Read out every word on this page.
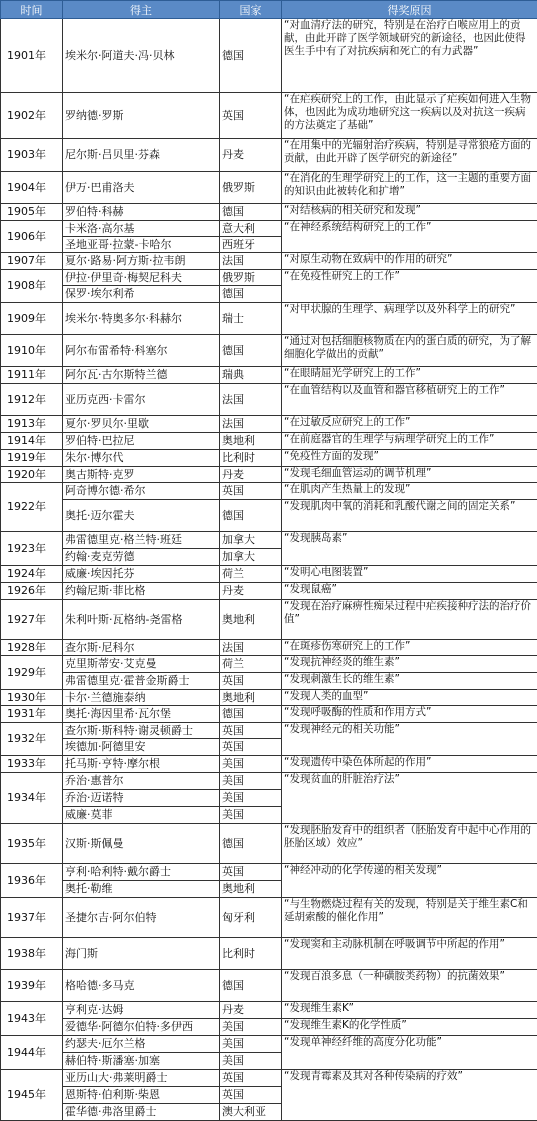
时间	得主	国家	得奖原因
1901年	埃米尔·阿道夫·冯·贝林	德国	“对血清疗法的研究，特别是在治疗白喉应用上的贡献，由此开辟了医学领域研究的新途径，也因此使得医生手中有了对抗疾病和死亡的有力武器”
1902年	罗纳德·罗斯	英国	“在疟疾研究上的工作，由此显示了疟疾如何进入生物体，也因此为成功地研究这一疾病以及对抗这一疾病的方法奠定了基础”
1903年	尼尔斯·吕贝里·芬森	丹麦	“在用集中的光辐射治疗疾病，特别是寻常狼疮方面的贡献，由此开辟了医学研究的新途径”
1904年	伊万·巴甫洛夫	俄罗斯	“在消化的生理学研究上的工作，这一主题的重要方面的知识由此被转化和扩增”
1905年	罗伯特·科赫	德国	“对结核病的相关研究和发现”
1906年	卡米洛·高尔基	意大利	“在神经系统结构研究上的工作”
	圣地亚哥·拉蒙-卡哈尔	西班牙	
1907年	夏尔·路易·阿方斯·拉韦朗	法国	“对原生动物在致病中的作用的研究”
1908年	伊拉·伊里奇·梅契尼科夫	俄罗斯	“在免疫性研究上的工作”
	保罗·埃尔利希	德国	
1909年	埃米尔·特奥多尔·科赫尔	瑞士	“对甲状腺的生理学、病理学以及外科学上的研究”
1910年	阿尔布雷希特·科塞尔	德国	“通过对包括细胞核物质在内的蛋白质的研究，为了解细胞化学做出的贡献”
1911年	阿尔瓦·古尔斯特兰德	瑞典	“在眼睛屈光学研究上的工作”
1912年	亚历克西·卡雷尔	法国	“在血管结构以及血管和器官移植研究上的工作”
1913年	夏尔·罗贝尔·里歇	法国	“在过敏反应研究上的工作”
1914年	罗伯特·巴拉尼	奥地利	“在前庭器官的生理学与病理学研究上的工作”
1919年	朱尔·博尔代	比利时	“免疫性方面的发现”
1920年	奥古斯特·克罗	丹麦	“发现毛细血管运动的调节机理”
1922年	阿奇博尔德·希尔	英国	“在肌肉产生热量上的发现”
	奥托·迈尔霍夫	德国	“发现肌肉中氧的消耗和乳酸代谢之间的固定关系”
1923年	弗雷德里克·格兰特·班廷	加拿大	“发现胰岛素”
	约翰·麦克劳德	加拿大	
1924年	威廉·埃因托芬	荷兰	“发明心电图装置”
1926年	约翰尼斯·菲比格	丹麦	“发现鼠癌”
1927年	朱利叶斯·瓦格纳-尧雷格	奥地利	“发现在治疗麻痹性痴呆过程中疟疾接种疗法的治疗价值”
1928年	查尔斯·尼科尔	法国	“在斑疹伤寒研究上的工作”
1929年	克里斯蒂安·艾克曼	荷兰	“发现抗神经炎的维生素”
	弗雷德里克·霍普金斯爵士	英国	“发现刺激生长的维生素”
1930年	卡尔·兰德施泰纳	奥地利	“发现人类的血型”
1931年	奥托·海因里希·瓦尔堡	德国	“发现呼吸酶的性质和作用方式”
1932年	查尔斯·斯科特·谢灵顿爵士	英国	“发现神经元的相关功能”
	埃德加·阿德里安	英国	
1933年	托马斯·亨特·摩尔根	美国	“发现遗传中染色体所起的作用”
1934年	乔治·惠普尔	美国	“发现贫血的肝脏治疗法”
	乔治·迈诺特	美国	
	威廉·莫菲	美国	
1935年	汉斯·斯佩曼	德国	“发现胚胎发育中的组织者（胚胎发育中起中心作用的胚胎区域）效应”
1936年	亨利·哈利特·戴尔爵士	英国	“神经冲动的化学传递的相关发现”
	奥托·勒维	奥地利	
1937年	圣捷尔吉·阿尔伯特	匈牙利	“与生物燃烧过程有关的发现，特别是关于维生素C和延胡索酸的催化作用”
1938年	海门斯	比利时	“发现窦和主动脉机制在呼吸调节中所起的作用”
1939年	格哈德·多马克	德国	“发现百浪多息（一种磺胺类药物）的抗菌效果”
1943年	亨利克·达姆	丹麦	“发现维生素K”
	爱德华·阿德尔伯特·多伊西	美国	“发现维生素K的化学性质”
1944年	约瑟夫·厄尔兰格	美国	“发现单神经纤维的高度分化功能”
	赫伯特·斯潘塞·加塞	美国	
1945年	亚历山大·弗莱明爵士	英国	“发现青霉素及其对各种传染病的疗效”
	恩斯特·伯利斯·柴恩	英国	
	霍华德·弗洛里爵士	澳大利亚	
